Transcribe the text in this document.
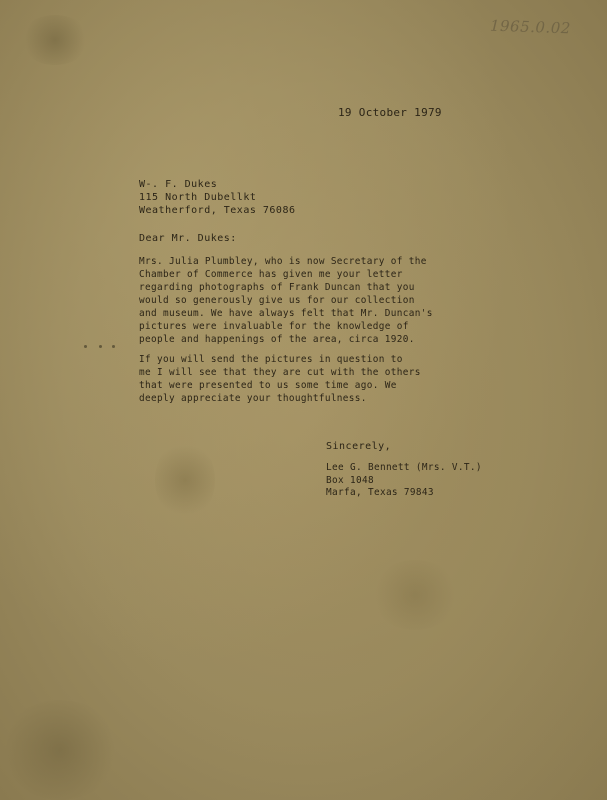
1965.0.02
19 October 1979
W-. F. Dukes
115 North Dubellkt
Weatherford, Texas 76086
Dear Mr. Dukes:
Mrs. Julia Plumbley, who is now Secretary of the
Chamber of Commerce has given me your letter
regarding photographs of Frank Duncan that you
would so generously give us for our collection
and museum. We have always felt that Mr. Duncan's
pictures were invaluable for the knowledge of
people and happenings of the area, circa 1920.
If you will send the pictures in question to
me I will see that they are cut with the others
that were presented to us some time ago. We
deeply appreciate your thoughtfulness.
Sincerely,
Lee G. Bennett (Mrs. V.T.)
Box 1048
Marfa, Texas 79843
